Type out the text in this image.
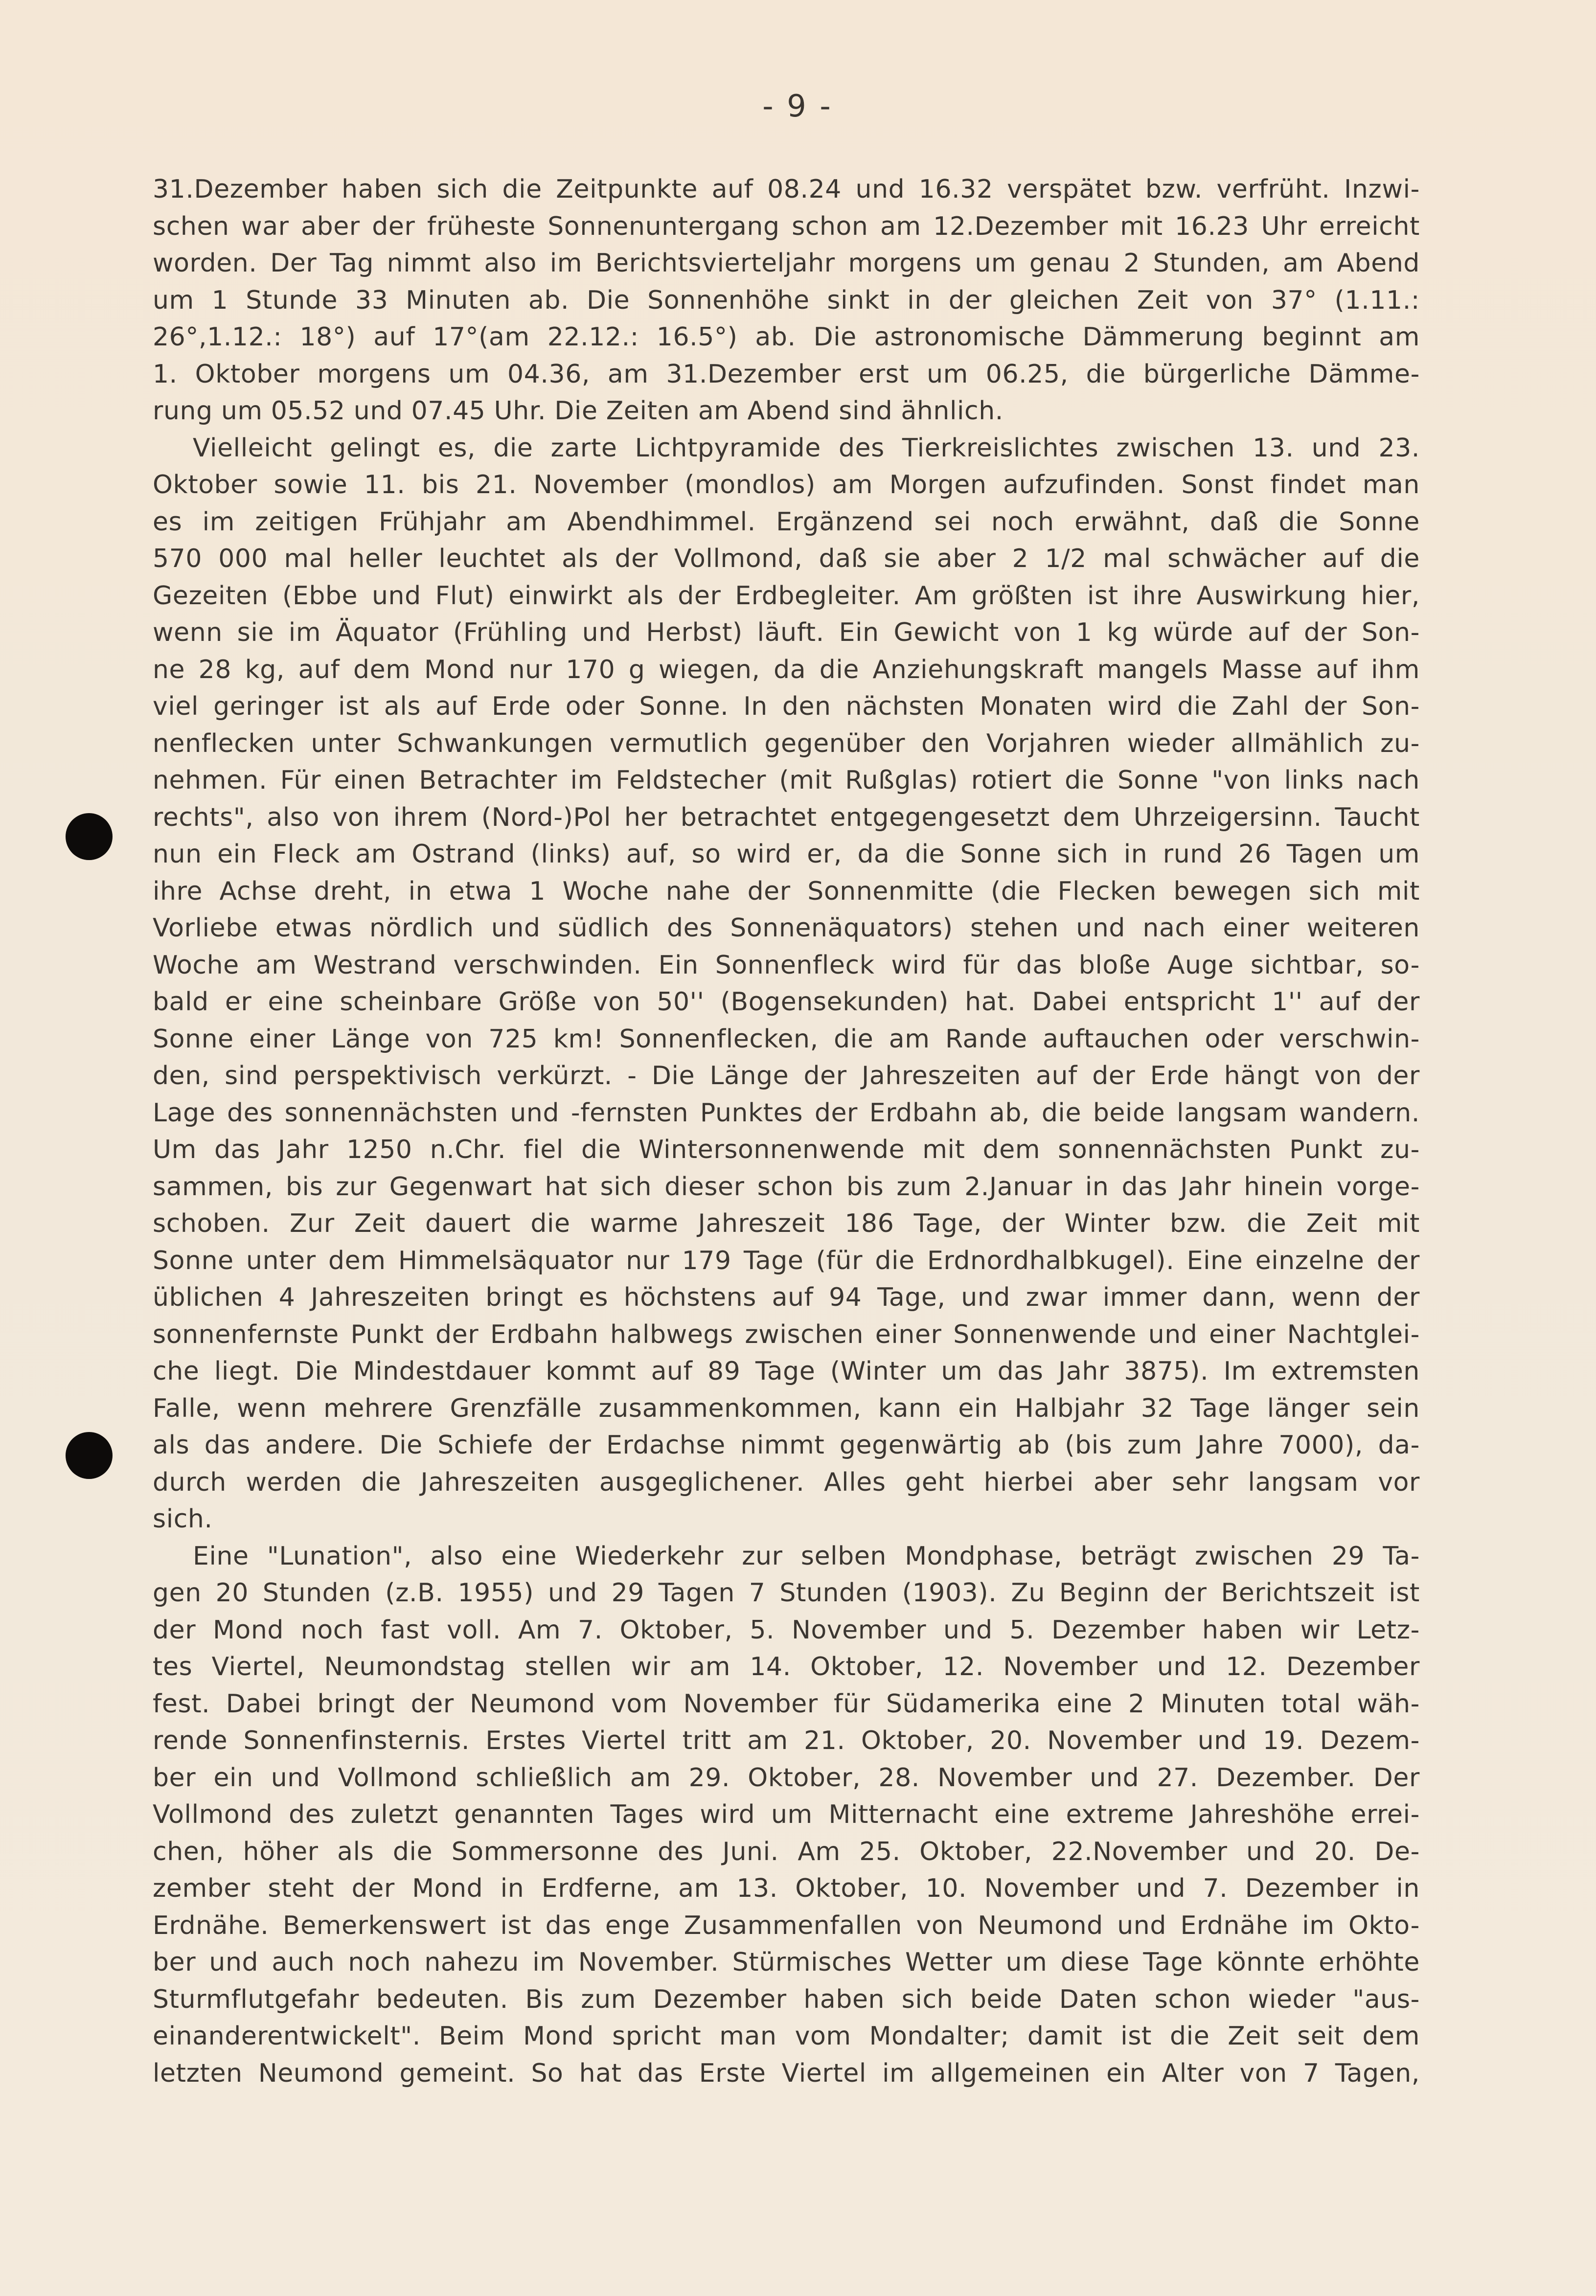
- 9 -
31.Dezember haben sich die Zeitpunkte auf 08.24 und 16.32 verspätet bzw. verfrüht. Inzwi-
schen war aber der früheste Sonnenuntergang schon am 12.Dezember mit 16.23 Uhr erreicht
worden. Der Tag nimmt also im Berichtsvierteljahr morgens um genau 2 Stunden, am Abend
um 1 Stunde 33 Minuten ab. Die Sonnenhöhe sinkt in der gleichen Zeit von 37° (1.11.:
26°,1.12.: 18°) auf 17°(am 22.12.: 16.5°) ab. Die astronomische Dämmerung beginnt am
1. Oktober morgens um 04.36, am 31.Dezember erst um 06.25, die bürgerliche Dämme-
rung um 05.52 und 07.45 Uhr. Die Zeiten am Abend sind ähnlich.
Vielleicht gelingt es, die zarte Lichtpyramide des Tierkreislichtes zwischen 13. und 23.
Oktober sowie 11. bis 21. November (mondlos) am Morgen aufzufinden. Sonst findet man
es im zeitigen Frühjahr am Abendhimmel. Ergänzend sei noch erwähnt, daß die Sonne
570 000 mal heller leuchtet als der Vollmond, daß sie aber 2 1/2 mal schwächer auf die
Gezeiten (Ebbe und Flut) einwirkt als der Erdbegleiter. Am größten ist ihre Auswirkung hier,
wenn sie im Äquator (Frühling und Herbst) läuft. Ein Gewicht von 1 kg würde auf der Son-
ne 28 kg, auf dem Mond nur 170 g wiegen, da die Anziehungskraft mangels Masse auf ihm
viel geringer ist als auf Erde oder Sonne. In den nächsten Monaten wird die Zahl der Son-
nenflecken unter Schwankungen vermutlich gegenüber den Vorjahren wieder allmählich zu-
nehmen. Für einen Betrachter im Feldstecher (mit Rußglas) rotiert die Sonne "von links nach
rechts", also von ihrem (Nord-)Pol her betrachtet entgegengesetzt dem Uhrzeigersinn. Taucht
nun ein Fleck am Ostrand (links) auf, so wird er, da die Sonne sich in rund 26 Tagen um
ihre Achse dreht, in etwa 1 Woche nahe der Sonnenmitte (die Flecken bewegen sich mit
Vorliebe etwas nördlich und südlich des Sonnenäquators) stehen und nach einer weiteren
Woche am Westrand verschwinden. Ein Sonnenfleck wird für das bloße Auge sichtbar, so-
bald er eine scheinbare Größe von 50'' (Bogensekunden) hat. Dabei entspricht 1'' auf der
Sonne einer Länge von 725 km! Sonnenflecken, die am Rande auftauchen oder verschwin-
den, sind perspektivisch verkürzt. - Die Länge der Jahreszeiten auf der Erde hängt von der
Lage des sonnennächsten und -fernsten Punktes der Erdbahn ab, die beide langsam wandern.
Um das Jahr 1250 n.Chr. fiel die Wintersonnenwende mit dem sonnennächsten Punkt zu-
sammen, bis zur Gegenwart hat sich dieser schon bis zum 2.Januar in das Jahr hinein vorge-
schoben. Zur Zeit dauert die warme Jahreszeit 186 Tage, der Winter bzw. die Zeit mit
Sonne unter dem Himmelsäquator nur 179 Tage (für die Erdnordhalbkugel). Eine einzelne der
üblichen 4 Jahreszeiten bringt es höchstens auf 94 Tage, und zwar immer dann, wenn der
sonnenfernste Punkt der Erdbahn halbwegs zwischen einer Sonnenwende und einer Nachtglei-
che liegt. Die Mindestdauer kommt auf 89 Tage (Winter um das Jahr 3875). Im extremsten
Falle, wenn mehrere Grenzfälle zusammenkommen, kann ein Halbjahr 32 Tage länger sein
als das andere. Die Schiefe der Erdachse nimmt gegenwärtig ab (bis zum Jahre 7000), da-
durch werden die Jahreszeiten ausgeglichener. Alles geht hierbei aber sehr langsam vor
sich.
Eine "Lunation", also eine Wiederkehr zur selben Mondphase, beträgt zwischen 29 Ta-
gen 20 Stunden (z.B. 1955) und 29 Tagen 7 Stunden (1903). Zu Beginn der Berichtszeit ist
der Mond noch fast voll. Am 7. Oktober, 5. November und 5. Dezember haben wir Letz-
tes Viertel, Neumondstag stellen wir am 14. Oktober, 12. November und 12. Dezember
fest. Dabei bringt der Neumond vom November für Südamerika eine 2 Minuten total wäh-
rende Sonnenfinsternis. Erstes Viertel tritt am 21. Oktober, 20. November und 19. Dezem-
ber ein und Vollmond schließlich am 29. Oktober, 28. November und 27. Dezember. Der
Vollmond des zuletzt genannten Tages wird um Mitternacht eine extreme Jahreshöhe errei-
chen, höher als die Sommersonne des Juni. Am 25. Oktober, 22.November und 20. De-
zember steht der Mond in Erdferne, am 13. Oktober, 10. November und 7. Dezember in
Erdnähe. Bemerkenswert ist das enge Zusammenfallen von Neumond und Erdnähe im Okto-
ber und auch noch nahezu im November. Stürmisches Wetter um diese Tage könnte erhöhte
Sturmflutgefahr bedeuten. Bis zum Dezember haben sich beide Daten schon wieder "aus-
einanderentwickelt". Beim Mond spricht man vom Mondalter; damit ist die Zeit seit dem
letzten Neumond gemeint. So hat das Erste Viertel im allgemeinen ein Alter von 7 Tagen,
